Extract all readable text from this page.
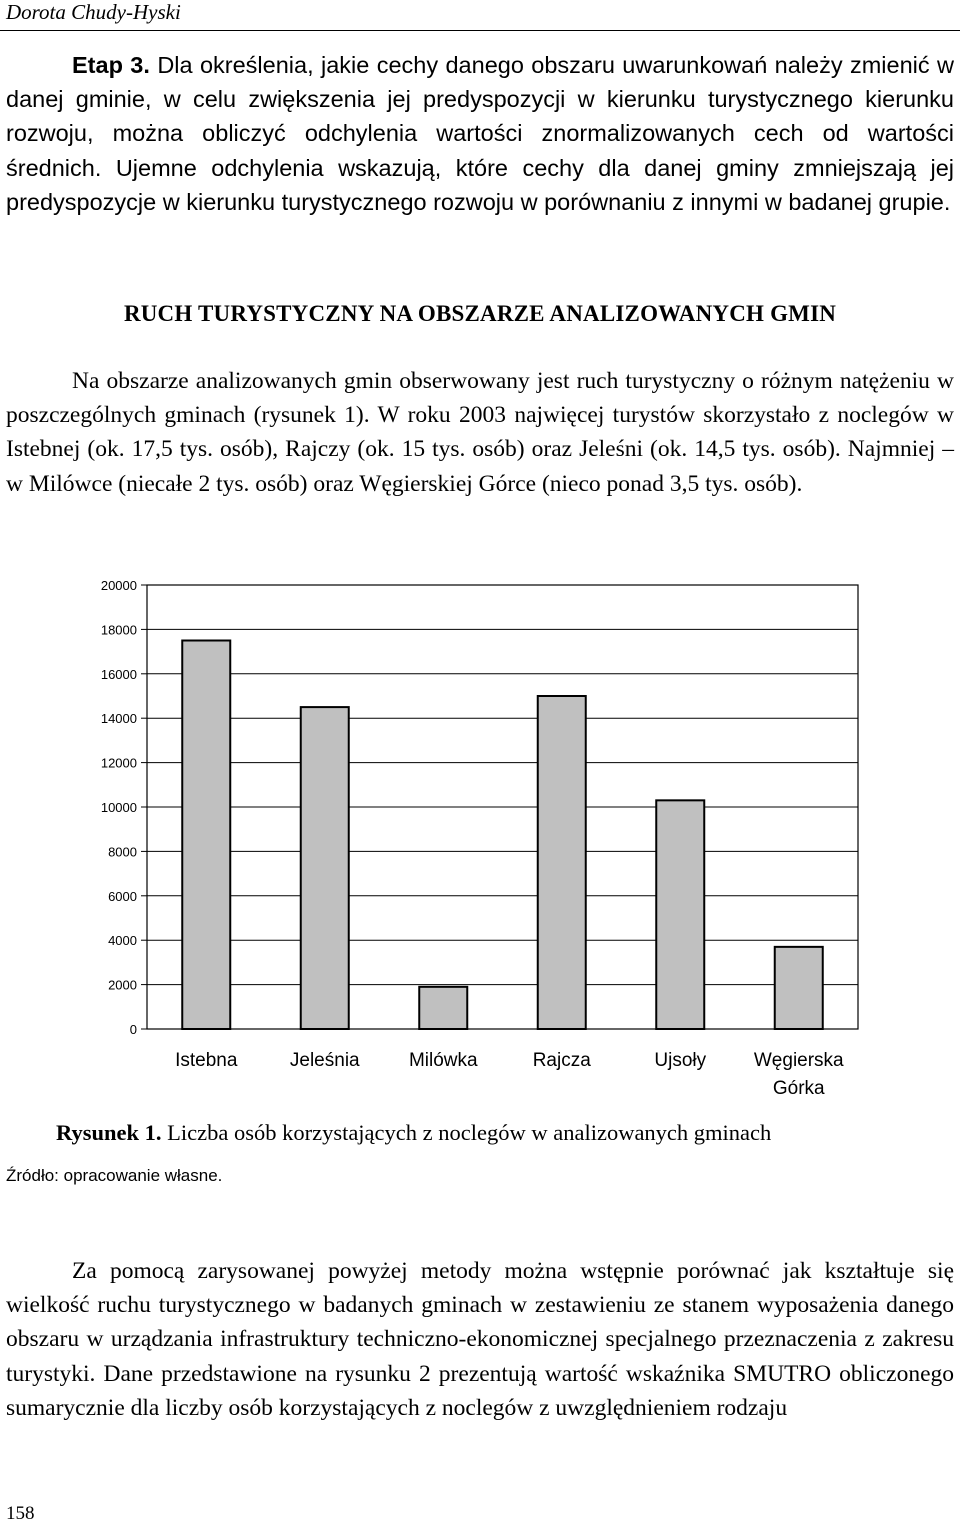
Dorota Chudy-Hyski

Etap 3. Dla określenia, jakie cechy danego obszaru uwarunkowań należy zmienić w danej gminie, w celu zwiększenia jej predyspozycji w kierunku turystycznego kierunku rozwoju, można obliczyć odchylenia wartości znormalizowanych cech od wartości średnich. Ujemne odchylenia wskazują, które cechy dla danej gminy zmniejszają jej predyspozycje w kierunku turystycznego rozwoju w porównaniu z innymi w badanej grupie.

RUCH TURYSTYCZNY NA OBSZARZE ANALIZOWANYCH GMIN

Na obszarze analizowanych gmin obserwowany jest ruch turystyczny o różnym natężeniu w poszczególnych gminach (rysunek 1). W roku 2003 najwięcej turystów skorzystało z noclegów w Istebnej (ok. 17,5 tys. osób), Rajczy (ok. 15 tys. osób) oraz Jeleśni (ok. 14,5 tys. osób). Najmniej – w Milówce (niecałe 2 tys. osób) oraz Węgierskiej Górce (nieco ponad 3,5 tys. osób).

0
2000
4000
6000
8000
10000
12000
14000
16000
18000
20000
Istebna	Jeleśnia	Milówka	Rajcza	Ujsoły	Węgierska
Górka
Rysunek 1. Liczba osób korzystających z noclegów w analizowanych gminach
Źródło: opracowanie własne.

Za pomocą zarysowanej powyżej metody można wstępnie porównać jak kształtuje się wielkość ruchu turystycznego w badanych gminach w zestawieniu ze stanem wyposażenia danego obszaru w urządzania infrastruktury techniczno-ekonomicznej specjalnego przeznaczenia z zakresu turystyki. Dane przedstawione na rysunku 2 prezentują wartość wskaźnika SMUTRO obliczonego sumarycznie dla liczby osób korzystających z noclegów z uwzględnieniem rodzaju

158
